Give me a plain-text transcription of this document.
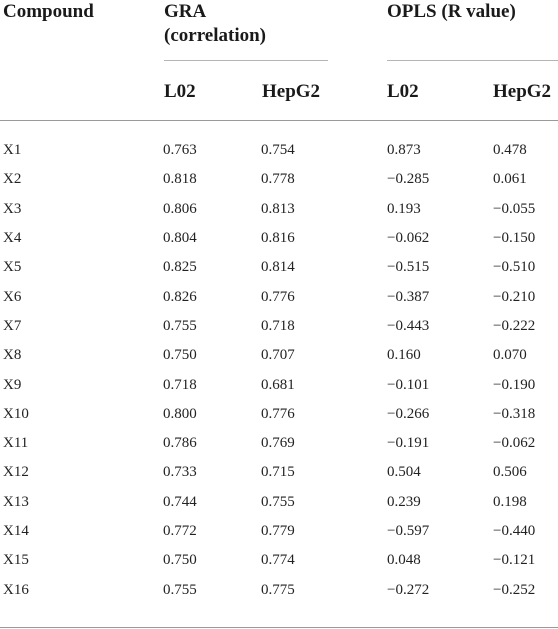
Compound	GRA
(correlation)
OPLS (R value)
L02	HepG2	L02	HepG2
X1	0.763	0.754	0.873	0.478
X2	0.818	0.778	−0.285	0.061
X3	0.806	0.813	0.193	−0.055
X4	0.804	0.816	−0.062	−0.150
X5	0.825	0.814	−0.515	−0.510
X6	0.826	0.776	−0.387	−0.210
X7	0.755	0.718	−0.443	−0.222
X8	0.750	0.707	0.160	0.070
X9	0.718	0.681	−0.101	−0.190
X10	0.800	0.776	−0.266	−0.318
X11	0.786	0.769	−0.191	−0.062
X12	0.733	0.715	0.504	0.506
X13	0.744	0.755	0.239	0.198
X14	0.772	0.779	−0.597	−0.440
X15	0.750	0.774	0.048	−0.121
X16	0.755	0.775	−0.272	−0.252
